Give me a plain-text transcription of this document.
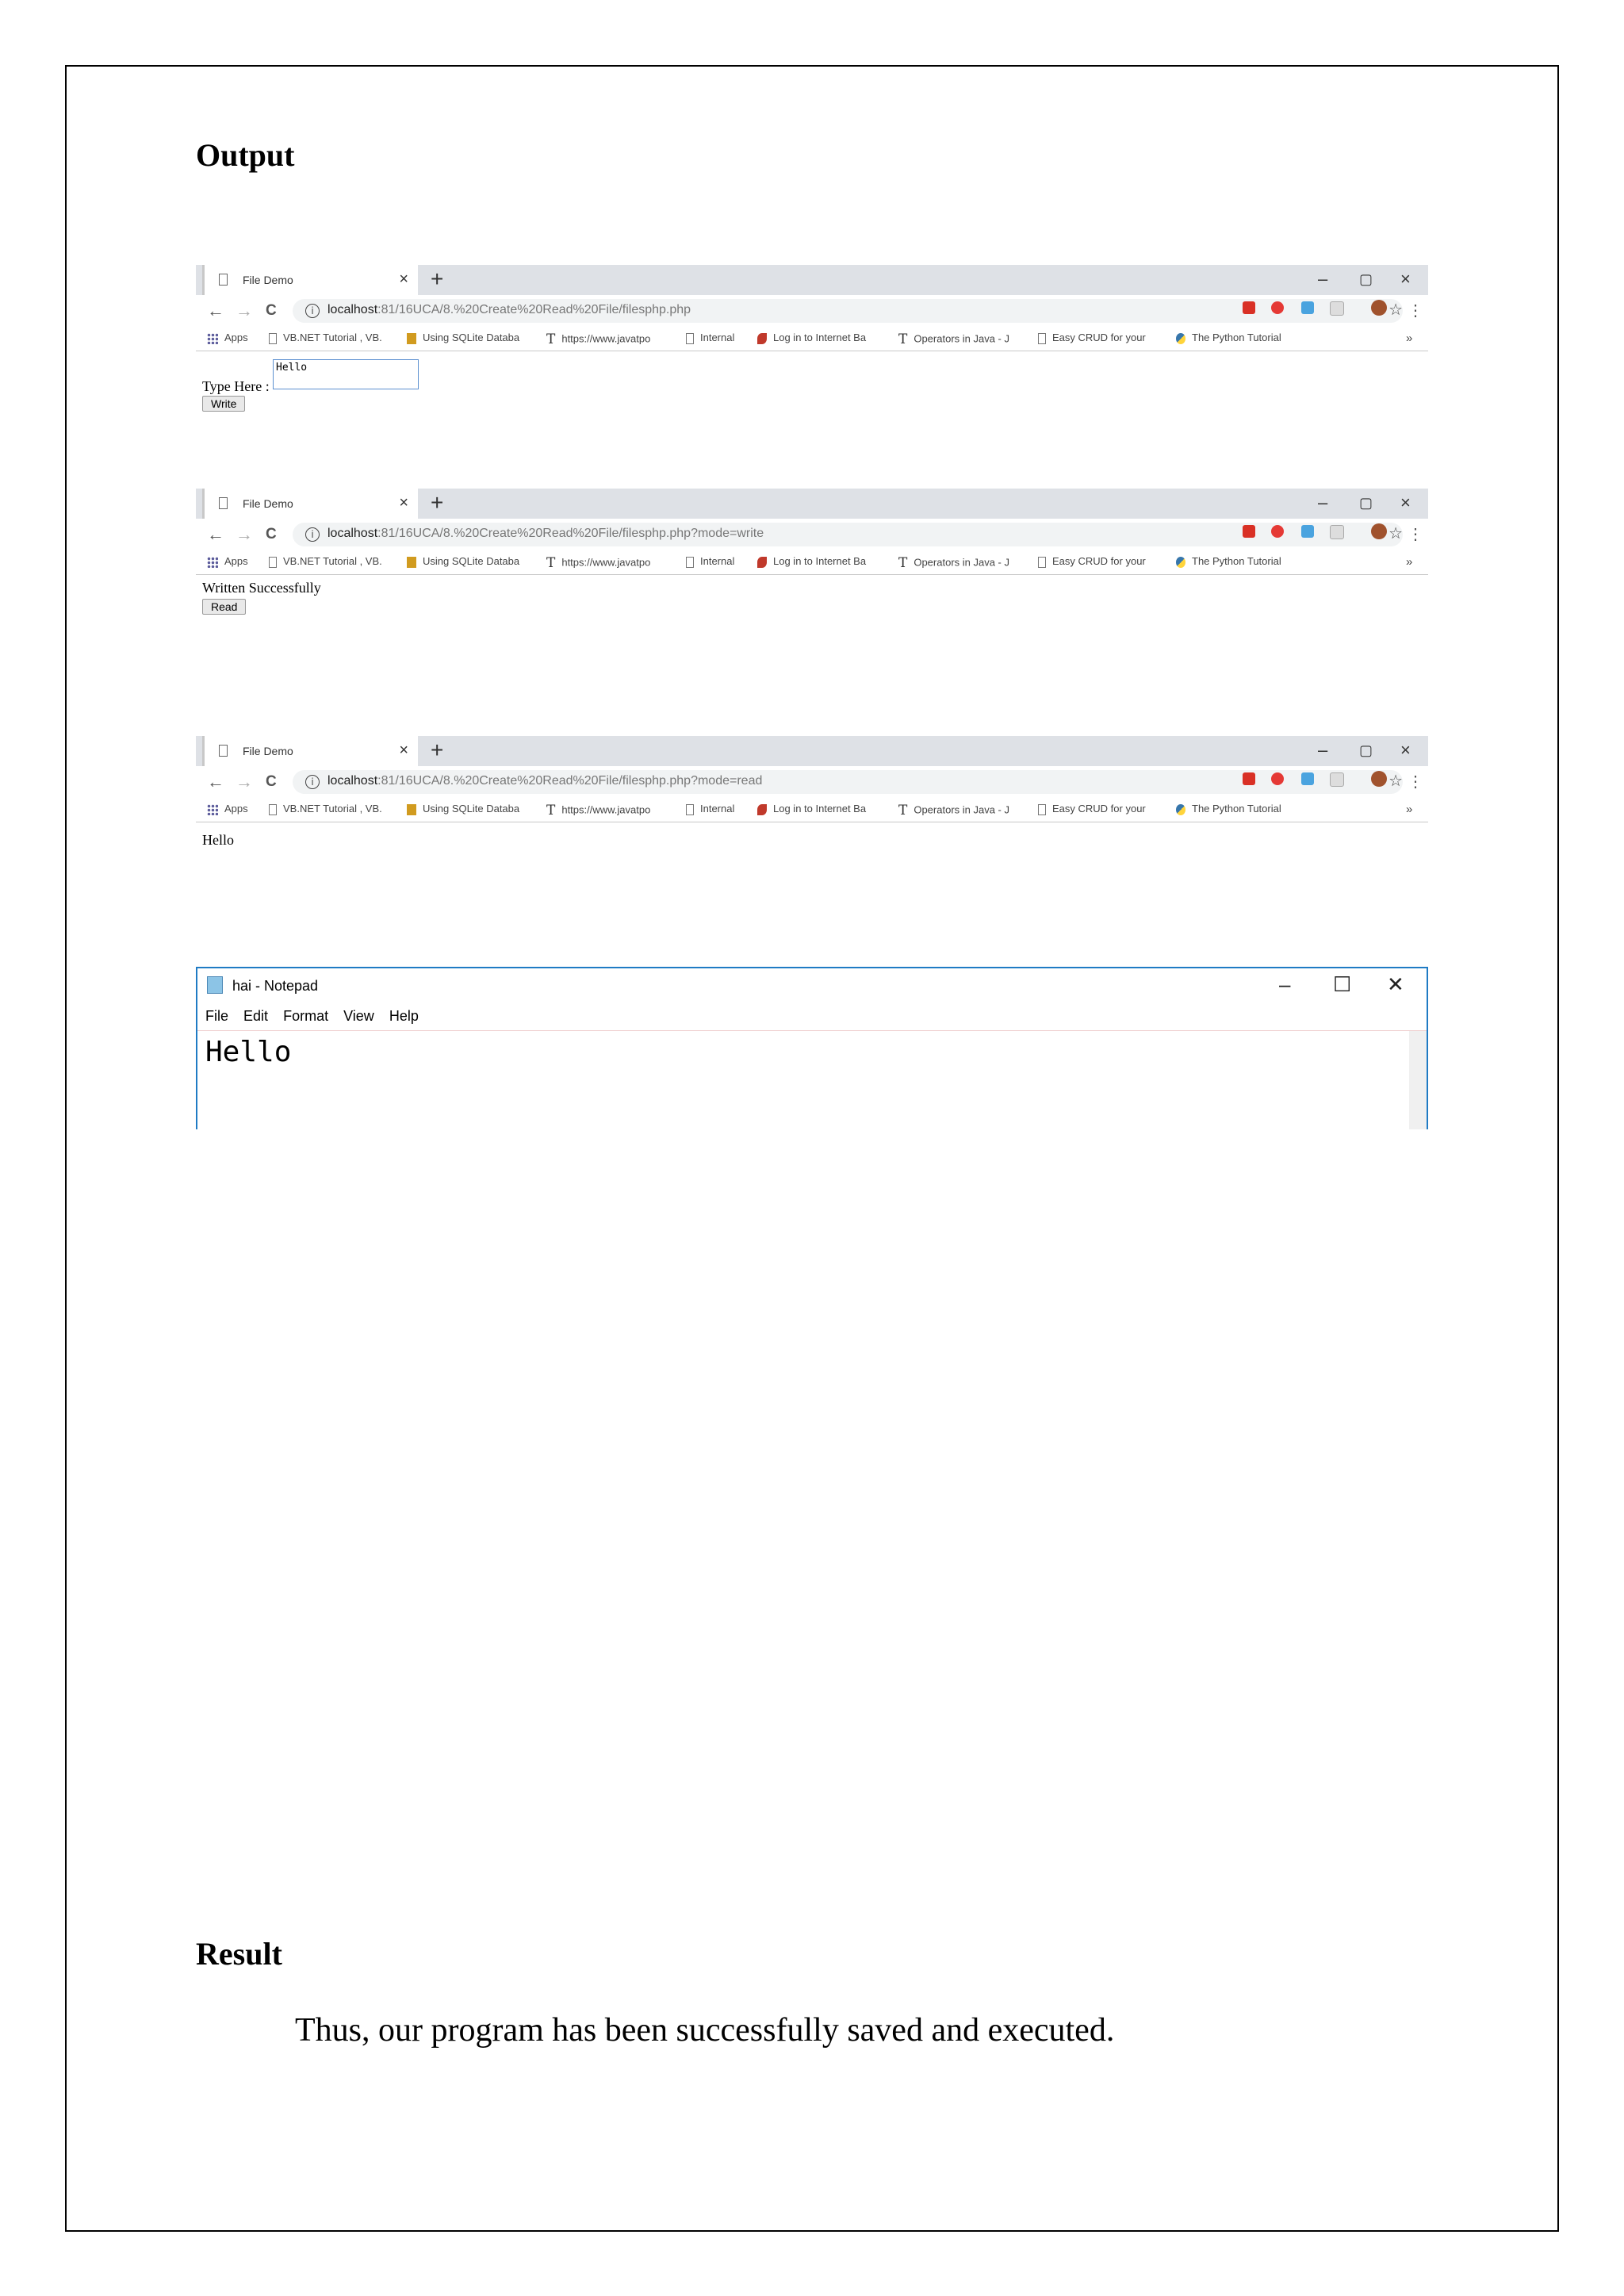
Output
File Demo	× +	– ▢ ×
← → C	i	localhost:81/16UCA/8.%20Create%20Read%20File/filesphp.php	☆ ⋮
Apps	VB.NET Tutorial , VB.	Using SQLite Databa T https://www.javatpo	Internal	Log in to Internet Ba T Operators in Java - J	Easy CRUD for your	The Python Tutorial	»
Type Here :
Hello
Write
File Demo	× +	– ▢ ×
← → C	i	localhost:81/16UCA/8.%20Create%20Read%20File/filesphp.php?mode=write	☆ ⋮
Apps	VB.NET Tutorial , VB.	Using SQLite Databa T https://www.javatpo	Internal	Log in to Internet Ba T Operators in Java - J	Easy CRUD for your	The Python Tutorial	»
Written Successfully
Read
File Demo	× +	– ▢ ×
← → C	i	localhost:81/16UCA/8.%20Create%20Read%20File/filesphp.php?mode=read	☆ ⋮
Apps	VB.NET Tutorial , VB.	Using SQLite Databa T https://www.javatpo	Internal	Log in to Internet Ba T Operators in Java - J	Easy CRUD for your	The Python Tutorial	»
Hello
hai - Notepad	– ☐ ✕
File Edit Format View Help
Hello
Result

Thus, our program has been successfully saved and executed.
